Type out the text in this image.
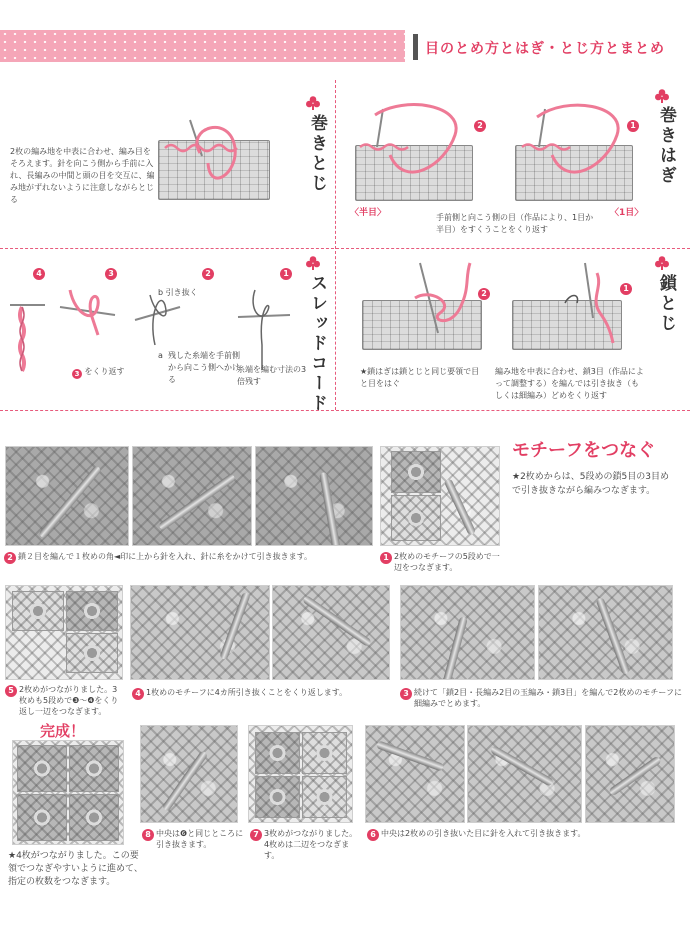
目のとめ方とはぎ・とじ方とまとめ
巻きとじ
2枚の編み地を中表に合わせ、編み目をそろえます。針を向こう側から手前に入れ、長編みの中間と頭の目を交互に、編み地がずれないように注意しながらとじる
巻きはぎ
2
〈半目〉
1
〈1目〉
手前側と向こう側の目（作品により、1目か半目）をすくうことをくり返す
スレッドコード
4	3	2	1
3 をくり返す
b 引き抜く
a 残した糸端を手前側から向こう側へかける
糸端を編む寸法の3倍残す
鎖とじ
2
1
★鎖はぎは鎖とじと同じ要領で目と目をはぐ
編み地を中表に合わせ、鎖3目（作品によって調整する）を編んでは引き抜き（もしくは細編み）どめをくり返す
モチーフをつなぐ
★2枚めからは、5段めの鎖5目の3目めで引き抜きながら編みつなぎます。
2 鎖２目を編んで１枚めの角◄印に上から針を入れ、針に糸をかけて引き抜きます。	1 2枚めのモチーフの5段めで一辺をつなぎます。
5 2枚めがつながりました。3枚めも5段めで❸〜❹をくり返し一辺をつなぎます。
4 1枚めのモチーフに4カ所引き抜くことをくり返します。	3 続けて「鎖2目・長編み2目の玉編み・鎖3目」を編んで2枚めのモチーフに細編みでとめます。
完成！
★4枚がつながりました。この要領でつなぎやすいように進めて、指定の枚数をつなぎます。
8 中央は❻と同じところに引き抜きます。
7 3枚めがつながりました。4枚めは二辺をつなぎます。
6 中央は2枚めの引き抜いた目に針を入れて引き抜きます。
